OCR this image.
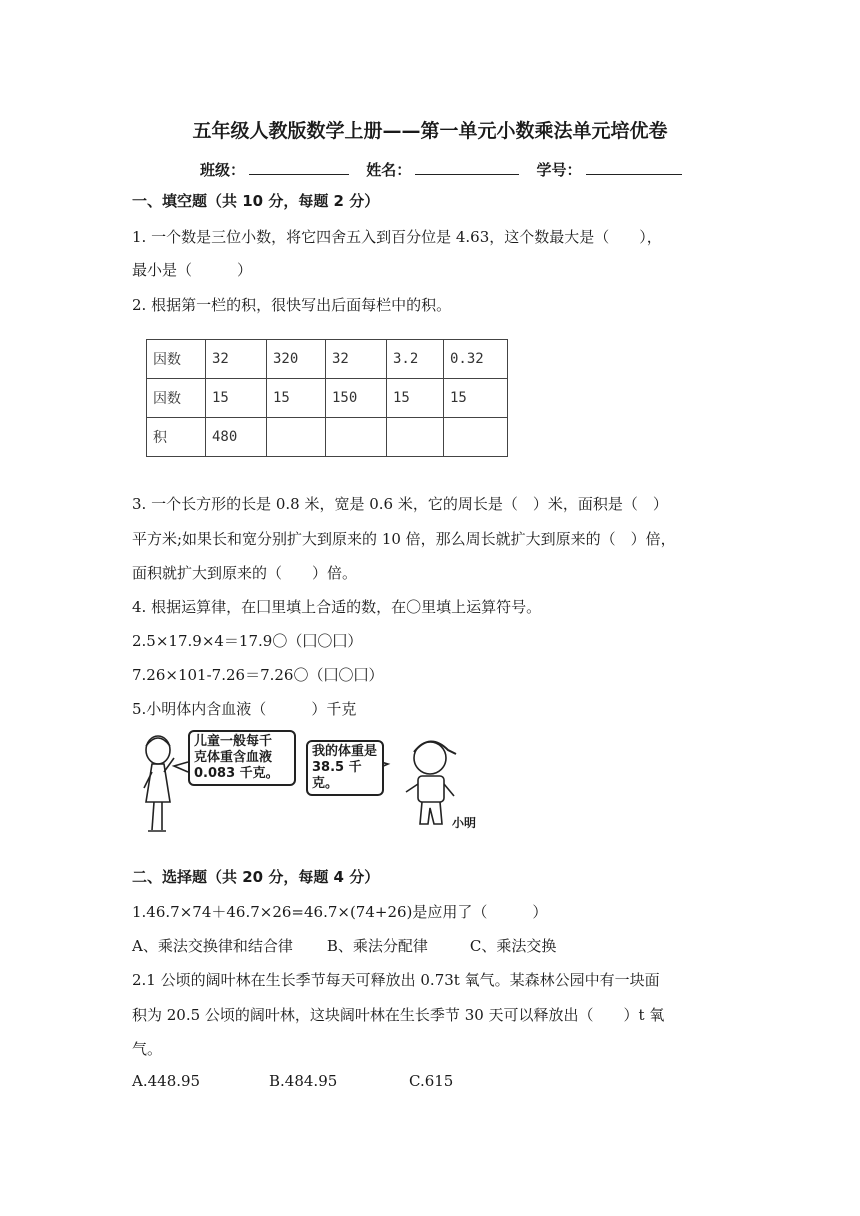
五年级人教版数学上册——第一单元小数乘法单元培优卷
班级：	姓名：	学号：
一、填空题（共 10 分，每题 2 分）
1. 一个数是三位小数，将它四舍五入到百分位是 4.63，这个数最大是（　　），
最小是（　　　）
2. 根据第一栏的积，很快写出后面每栏中的积。
因数	32	320	32	3.2	0.32
因数	15	15	150	15	15
积	480				
3. 一个长方形的长是 0.8 米，宽是 0.6 米，它的周长是（　）米，面积是（　）
平方米;如果长和宽分别扩大到原来的 10 倍，那么周长就扩大到原来的（　）倍，
面积就扩大到原来的（　　）倍。
4. 根据运算律，在囗里填上合适的数，在〇里填上运算符号。
2.5×17.9×4＝17.9〇（囗〇囗）
7.26×101-7.26＝7.26〇（囗〇囗）
5.小明体内含血液（　　　）千克
儿童一般每千
克体重含血液
0.083 千克。
我的体重是
38.5 千克。
小明
二、选择题（共 20 分，每题 4 分）
1.46.7×74＋46.7×26=46.7×(74+26)是应用了（　　　）
A、乘法交换律和结合律 B、乘法分配律	C、乘法交换
2.1 公顷的阔叶林在生长季节每天可释放出 0.73t 氧气。某森林公园中有一块面
积为 20.5 公顷的阔叶林，这块阔叶林在生长季节 30 天可以释放出（　　）t 氧
气。
A.448.95	B.484.95	C.615
